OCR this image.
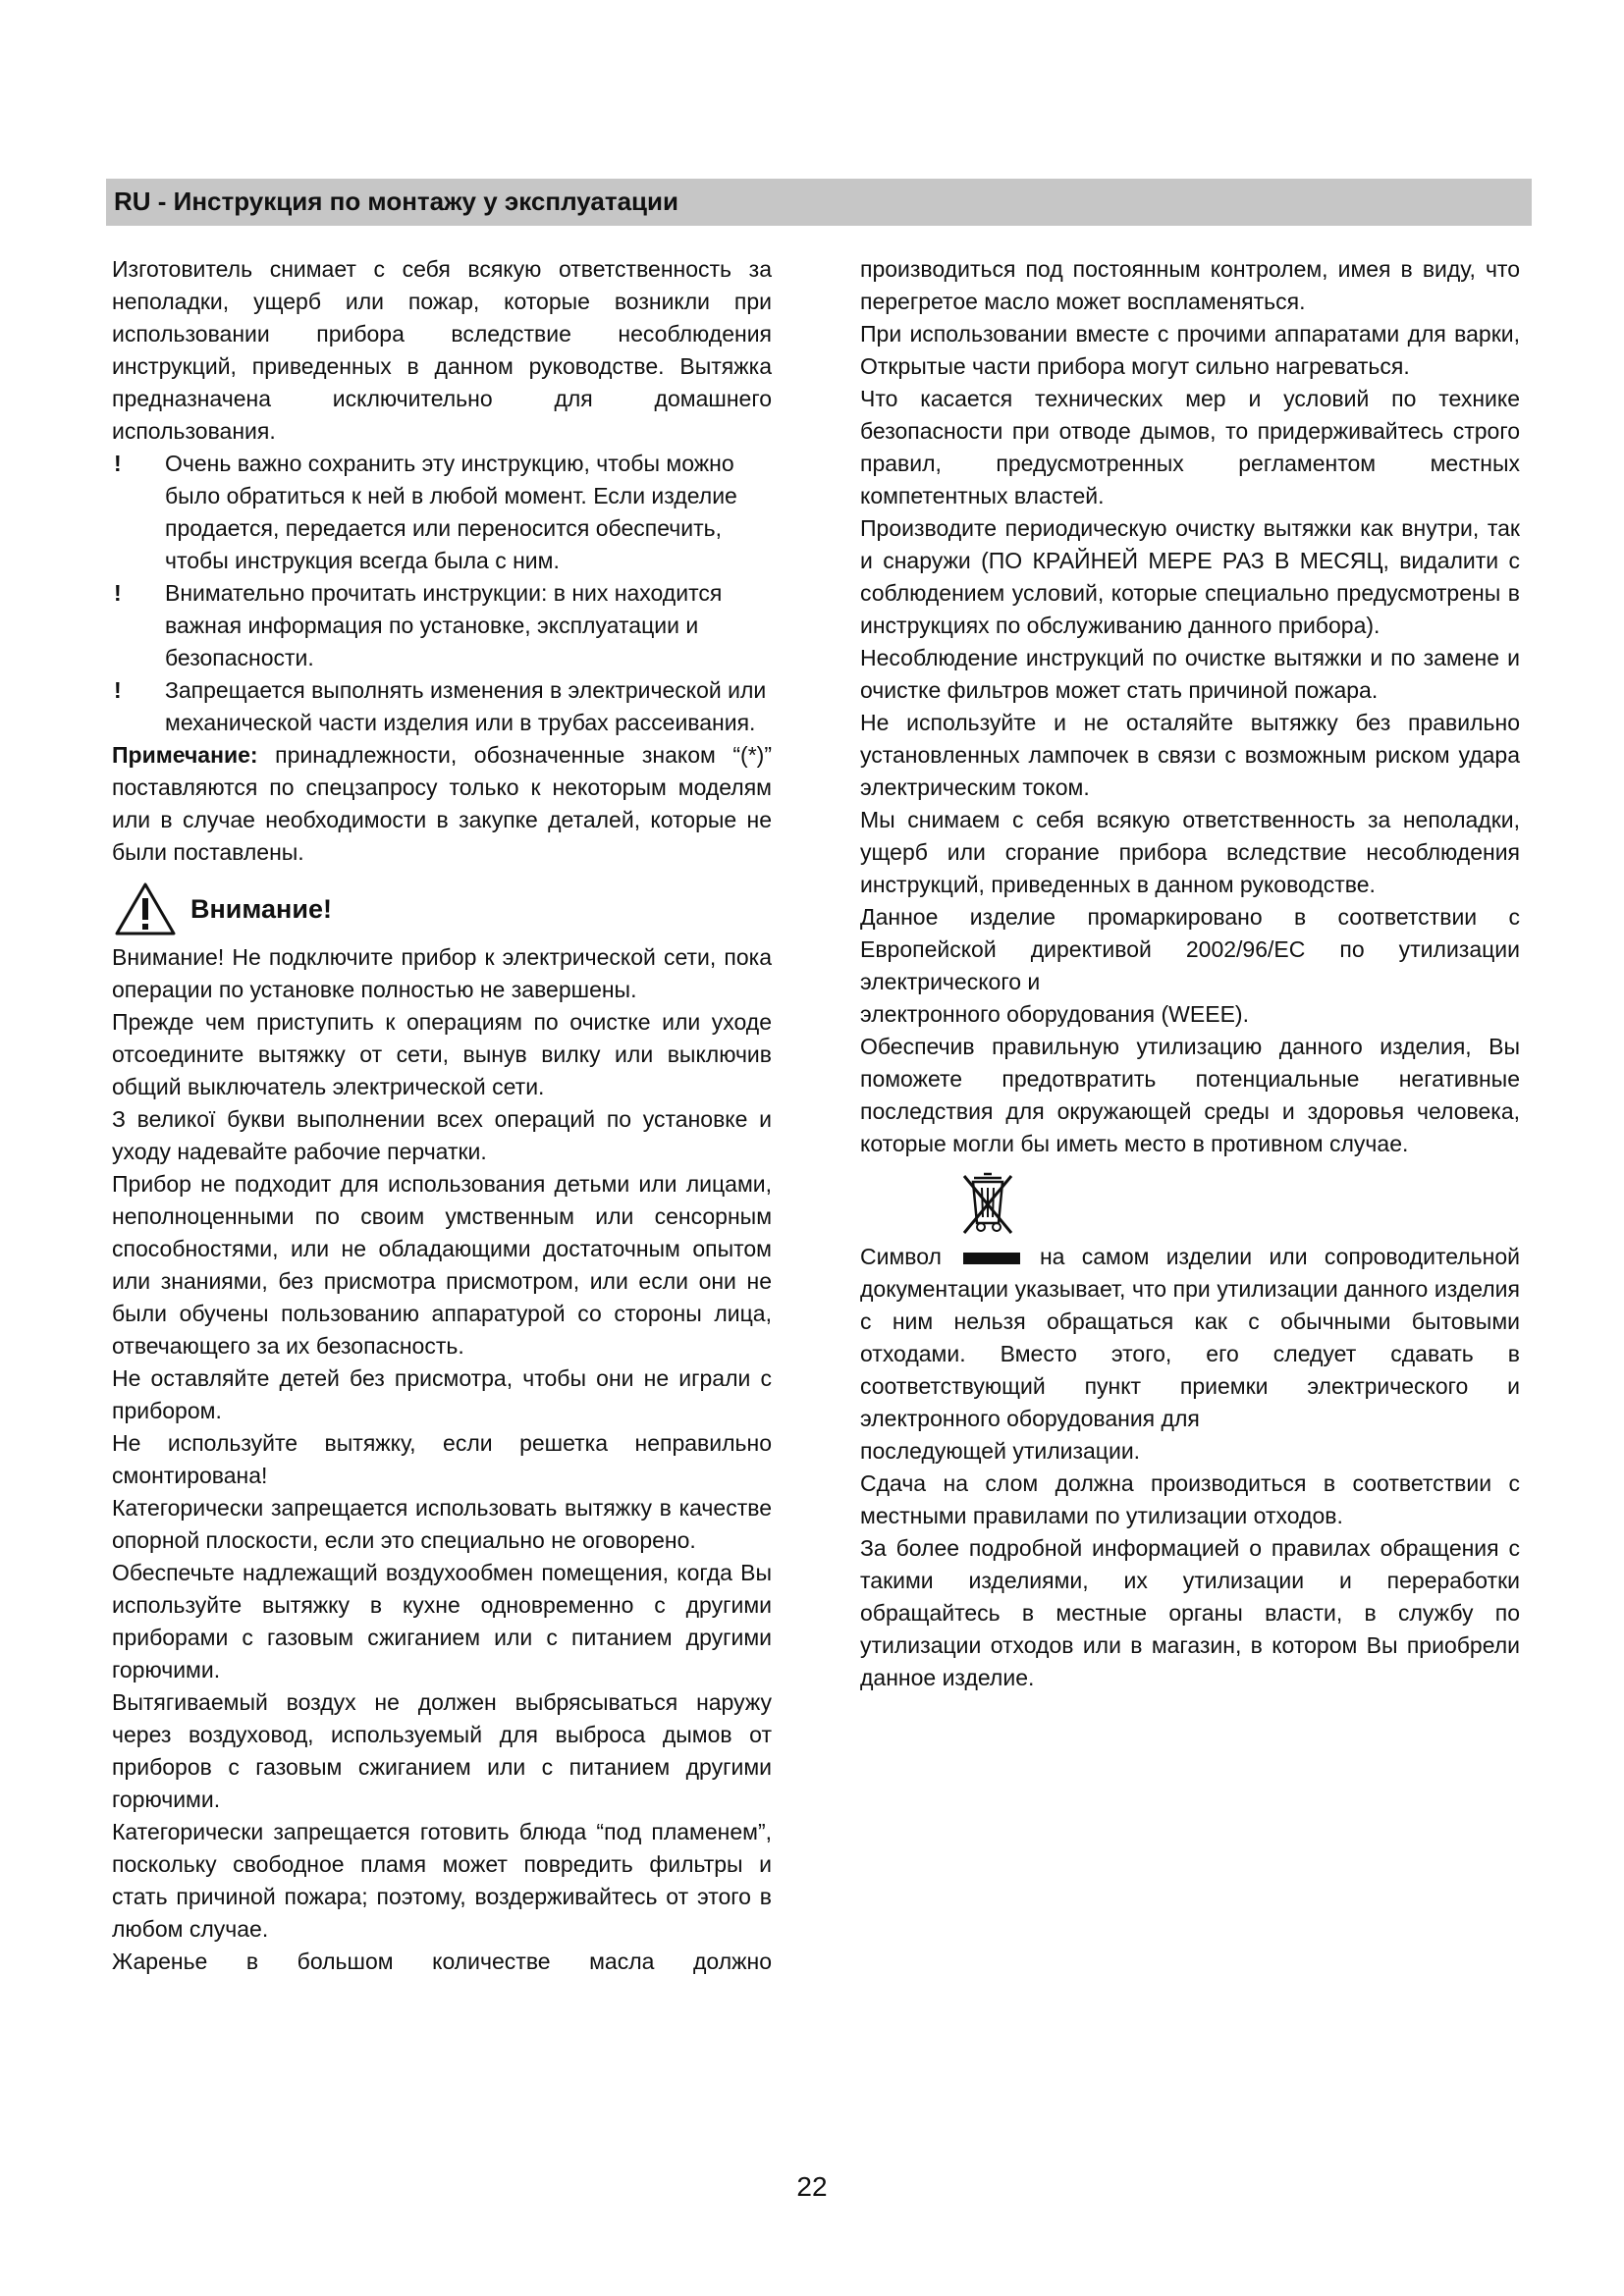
RU - Инструкция по монтажу у эксплуатации

Изготовитель снимает с себя всякую ответственность за неполадки, ущерб или пожар, которые возникли при использовании прибора вследствие несоблюдения инструкций, приведенных в данном руководстве. Вытяжка предназначена исключительно для домашнего использования.

! Очень важно сохранить эту инструкцию, чтобы можно было обратиться к ней в любой момент. Если изделие продается, передается или переносится обеспечить, чтобы инструкция всегда была с ним.
! Внимательно прочитать инструкции: в них находится важная информация по установке, эксплуатации и безопасности.
! Запрещается выполнять изменения в электрической или механической части изделия или в трубах рассеивания.

Примечание: принадлежности, обозначенные знаком “(*)” поставляются по спецзапросу только к некоторым моделям или в случае необходимости в закупке деталей, которые не были поставлены.

Внимание!

Внимание! Не подключите прибор к электрической сети, пока операции по установке полностью не завершены.

Прежде чем приступить к операциям по очистке или уходе отсоедините вытяжку от сети, вынув вилку или выключив общий выключатель электрической сети.

З великої букви выполнении всех операций по установке и уходу надевайте рабочие перчатки.

Прибор не подходит для использования детьми или лицами, неполноценными по своим умственным или сенсорным способностями, или не обладающими достаточным опытом или знаниями, без присмотра присмотром, или если они не были обучены пользованию аппаратурой со стороны лица, отвечающего за их безопасность.

Не оставляйте детей без присмотра, чтобы они не играли с прибором.

Не используйте вытяжку, если решетка неправильно смонтирована!

Категорически запрещается использовать вытяжку в качестве опорной плоскости, если это специально не оговорено.

Обеспечьте надлежащий воздухообмен помещения, когда Вы используйте вытяжку в кухне одновременно с другими приборами с газовым сжиганием или с питанием другими горючими.

Вытягиваемый воздух не должен выбрясываться наружу через воздуховод, используемый для выброса дымов от приборов с газовым сжиганием или с питанием другими горючими.

Категорически запрещается готовить блюда “под пламенем”, поскольку свободное пламя может повредить фильтры и стать причиной пожара; поэтому, воздерживайтесь от этого в любом случае.

Жаренье в большом количестве масла должно

производиться под постоянным контролем, имея в виду, что перегретое масло может воспламеняться.

При использовании вместе с прочими аппаратами для варки, Открытые части прибора могут сильно нагреваться.

Что касается технических мер и условий по технике безопасности при отводе дымов, то придерживайтесь строго правил, предусмотренных регламентом местных компетентных властей.

Производите периодическую очистку вытяжки как внутри, так и снаружи (ПО КРАЙНЕЙ МЕРЕ РАЗ В МЕСЯЦ, видалити с соблюдением условий, которые специально предусмотрены в инструкциях по обслуживанию данного прибора).

Несоблюдение инструкций по очистке вытяжки и по замене и очистке фильтров может стать причиной пожара.

Не используйте и не осталяйте вытяжку без правильно установленных лампочек в связи с возможным риском удара электрическим током.

Мы снимаем с себя всякую ответственность за неполадки, ущерб или сгорание прибора вследствие несоблюдения инструкций, приведенных в данном руководстве.

Данное изделие промаркировано в соответствии с Европейской директивой 2002/96/ЕС по утилизации электрического и

электронного оборудования (WEEE).

Обеспечив правильную утилизацию данного изделия, Вы поможете предотвратить потенциальные негативные последствия для окружающей среды и здоровья человека, которые могли бы иметь место в противном случае.

Символ	на самом изделии или сопроводительной документации указывает, что при утилизации данного изделия с ним нельзя обращаться как с обычными бытовыми отходами. Вместо этого, его следует сдавать в соответствующий пункт приемки электрического и электронного оборудования для

последующей утилизации.

Сдача на слом должна производиться в соответствии с местными правилами по утилизации отходов.

За более подробной информацией о правилах обращения с такими изделиями, их утилизации и переработки обращайтесь в местные органы власти, в службу по утилизации отходов или в магазин, в котором Вы приобрели данное изделие.

22
